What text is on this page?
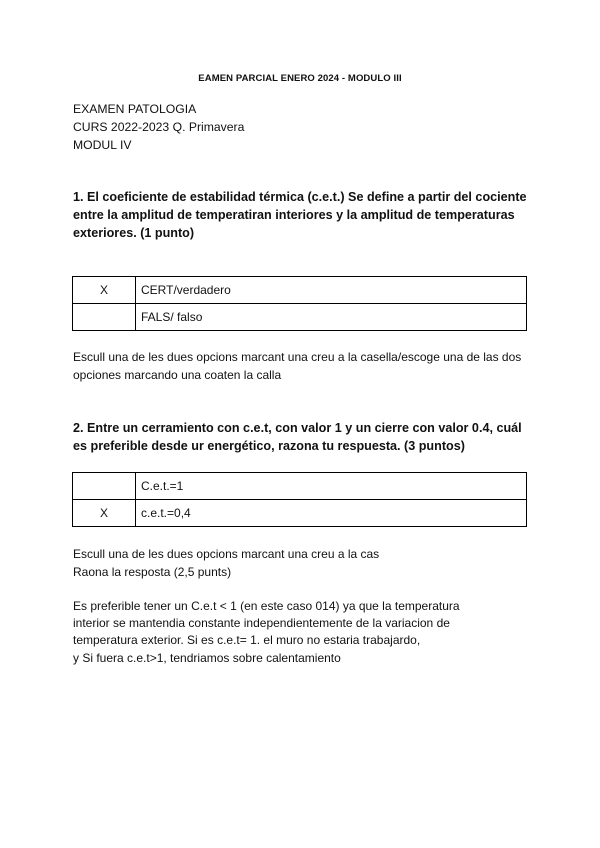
EAMEN PARCIAL ENERO 2024 - MODULO III
EXAMEN PATOLOGIA
CURS 2022-2023 Q. Primavera
MODUL IV
1. El coeficiente de estabilidad térmica (c.e.t.) Se define a partir del cociente entre la amplitud de temperatiran interiores y la amplitud de temperaturas exteriores. (1 punto)
X	CERT/verdadero
	FALS/ falso
Escull una de les dues opcions marcant una creu a la casella/escoge una de las dos opciones marcando una coaten la calla
2. Entre un cerramiento con c.e.t, con valor 1 y un cierre con valor 0.4, cuál es preferible desde ur energético, razona tu respuesta. (3 puntos)
	C.e.t.=1
X	c.e.t.=0,4
Escull una de les dues opcions marcant una creu a la cas
Raona la resposta (2,5 punts)
Es preferible tener un C.e.t < 1 (en este caso 014) ya que la temperatura
interior se mantendia constante independientemente de la variacion de
temperatura exterior. Si es c.e.t= 1. el muro no estaria trabajardo,
y Si fuera c.e.t>1, tendriamos sobre calentamiento
